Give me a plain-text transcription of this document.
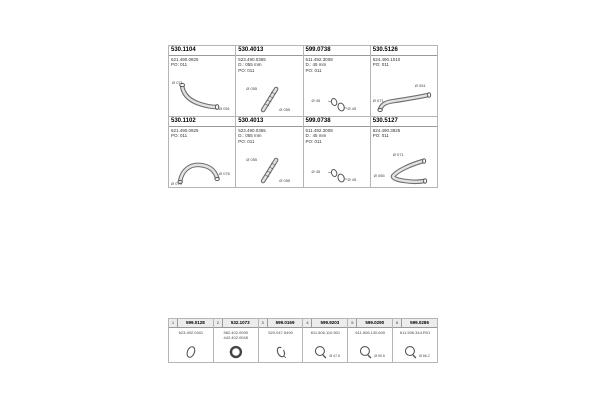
530.1104
621.490.0825
PO: 011
Ø 071
Ø 051
530.4013
523.490.0365
D.: 055 mm
PO: 011
Ø 055
Ø 055
599.0738
611.492.3008
D.: 45 mm
PO: 011
Ø 45
Ø 45
530.5126
624.490.1010
PO: 011
Ø 051
Ø 071
530.1102
621.490.0925
PO: 011
Ø 070
Ø 076
530.4013
523.490.0365
D.: 055 mm
PO: 011
Ø 055
Ø 055
599.0738
611.492.3008
D.: 45 mm
PO: 011
Ø 45
Ø 45
530.5127
624.490.3925
PO: 011
Ø 071
Ø 065
1	599.0128
623.492.0401
2	532.1073
962.402.0090
442.402.0045
3	599.0169
520.047.5490
4	599.9203
611.506.110.501
Ø 47.5
5	599.0290
611.506.130.600
Ø 50.5
6	599.0286
611.506.344.R01
Ø 66.2
